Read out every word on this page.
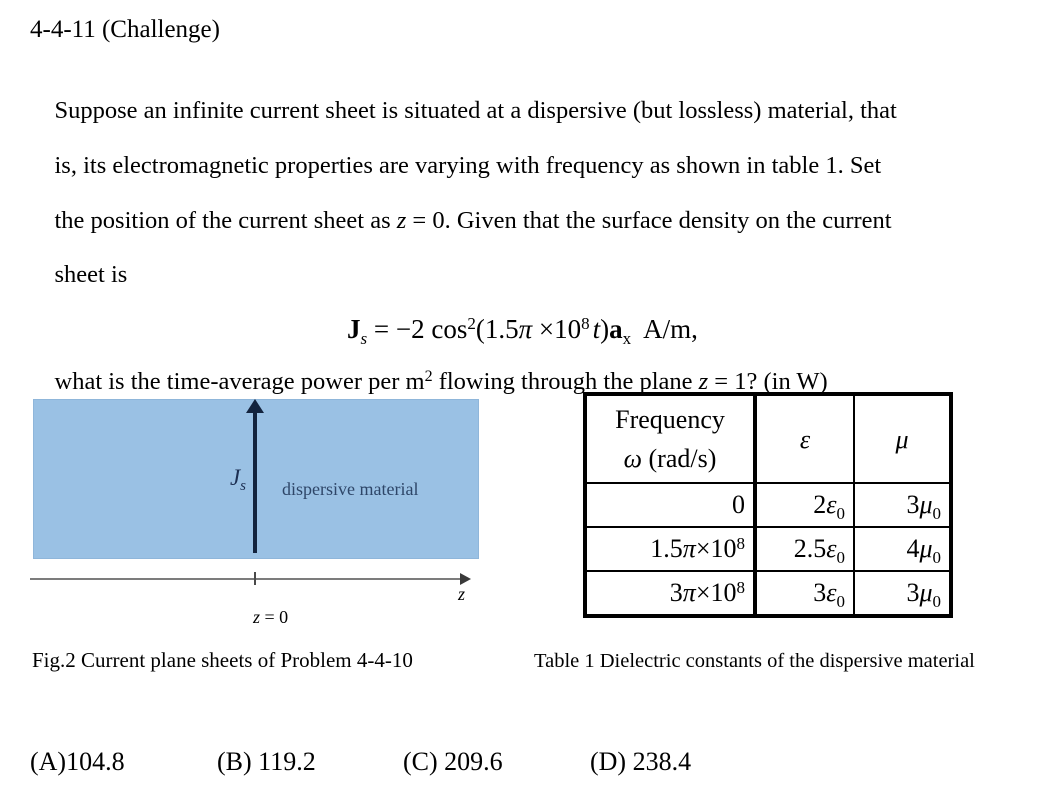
4-4-11 (Challenge)

Suppose an infinite current sheet is situated at a dispersive (but lossless) material, that

is, its electromagnetic properties are varying with frequency as shown in table 1. Set

the position of the current sheet as z = 0. Given that the surface density on the current

sheet is

Js = −2 cos2(1.5π ×108 t)ax  A/m,

what is the time-average power per m2 flowing through the plane z = 1? (in W)

Js dispersive material

z = 0

z
Fig.2 Current plane sheets of Problem 4-4-10
Frequency
ω (rad/s)	ε	μ
0	2ε0	3μ0
1.5π×108	2.5ε0	4μ0
3π×108	3ε0	3μ0
Table 1 Dielectric constants of the dispersive material
(A)104.8	(B) 119.2	(C) 209.6	(D) 238.4
